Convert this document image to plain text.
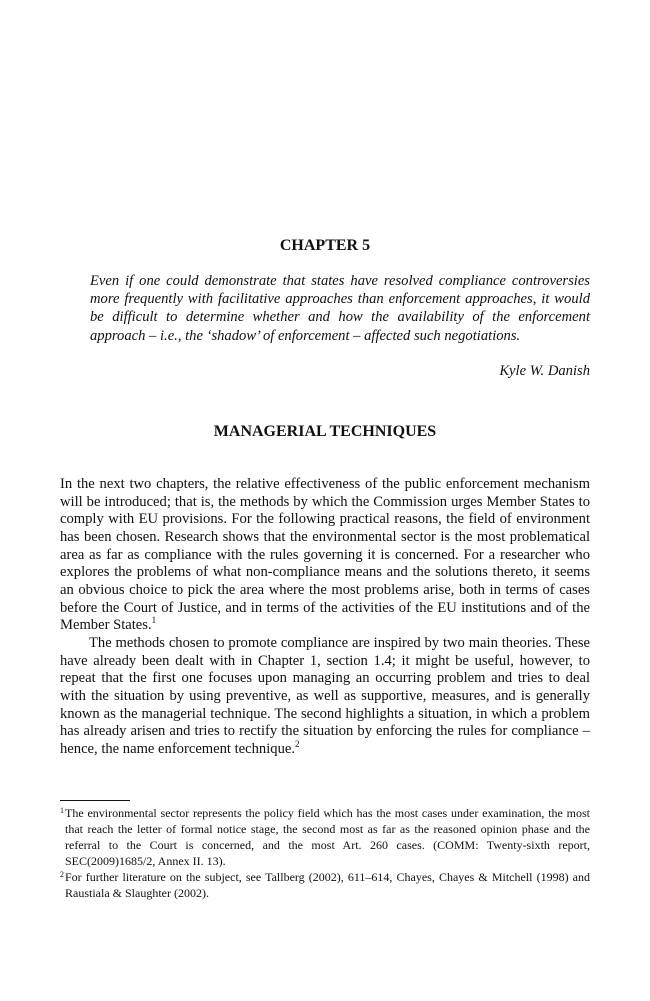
CHAPTER 5

Even if one could demonstrate that states have resolved compliance controversies more frequently with facilitative approaches than enforcement approaches, it would be difficult to determine whether and how the availability of the enforcement approach – i.e., the ‘shadow’ of enforcement – affected such negotiations.

Kyle W. Danish

MANAGERIAL TECHNIQUES

In the next two chapters, the relative effectiveness of the public enforcement mechanism will be introduced; that is, the methods by which the Commission urges Member States to comply with EU provisions. For the following practical reasons, the field of environment has been chosen. Research shows that the environmental sector is the most problematical area as far as compliance with the rules governing it is concerned. For a researcher who explores the problems of what non-compliance means and the solutions thereto, it seems an obvious choice to pick the area where the most problems arise, both in terms of cases before the Court of Justice, and in terms of the activities of the EU institutions and of the Member States.$^1$

The methods chosen to promote compliance are inspired by two main theories. These have already been dealt with in Chapter 1, section 1.4; it might be useful, however, to repeat that the first one focuses upon managing an occurring problem and tries to deal with the situation by using preventive, as well as supportive, measures, and is generally known as the managerial technique. The second highlights a situation, in which a problem has already arisen and tries to rectify the situation by enforcing the rules for compliance – hence, the name enforcement technique.$^2$

1 The environmental sector represents the policy field which has the most cases under examination, the most that reach the letter of formal notice stage, the second most as far as the reasoned opinion phase and the referral to the Court is concerned, and the most Art. 260 cases. (COMM: Twenty-sixth report, SEC(2009)1685/2, Annex II. 13).
2 For further literature on the subject, see Tallberg (2002), 611–614, Chayes, Chayes & Mitchell (1998) and Raustiala & Slaughter (2002).
